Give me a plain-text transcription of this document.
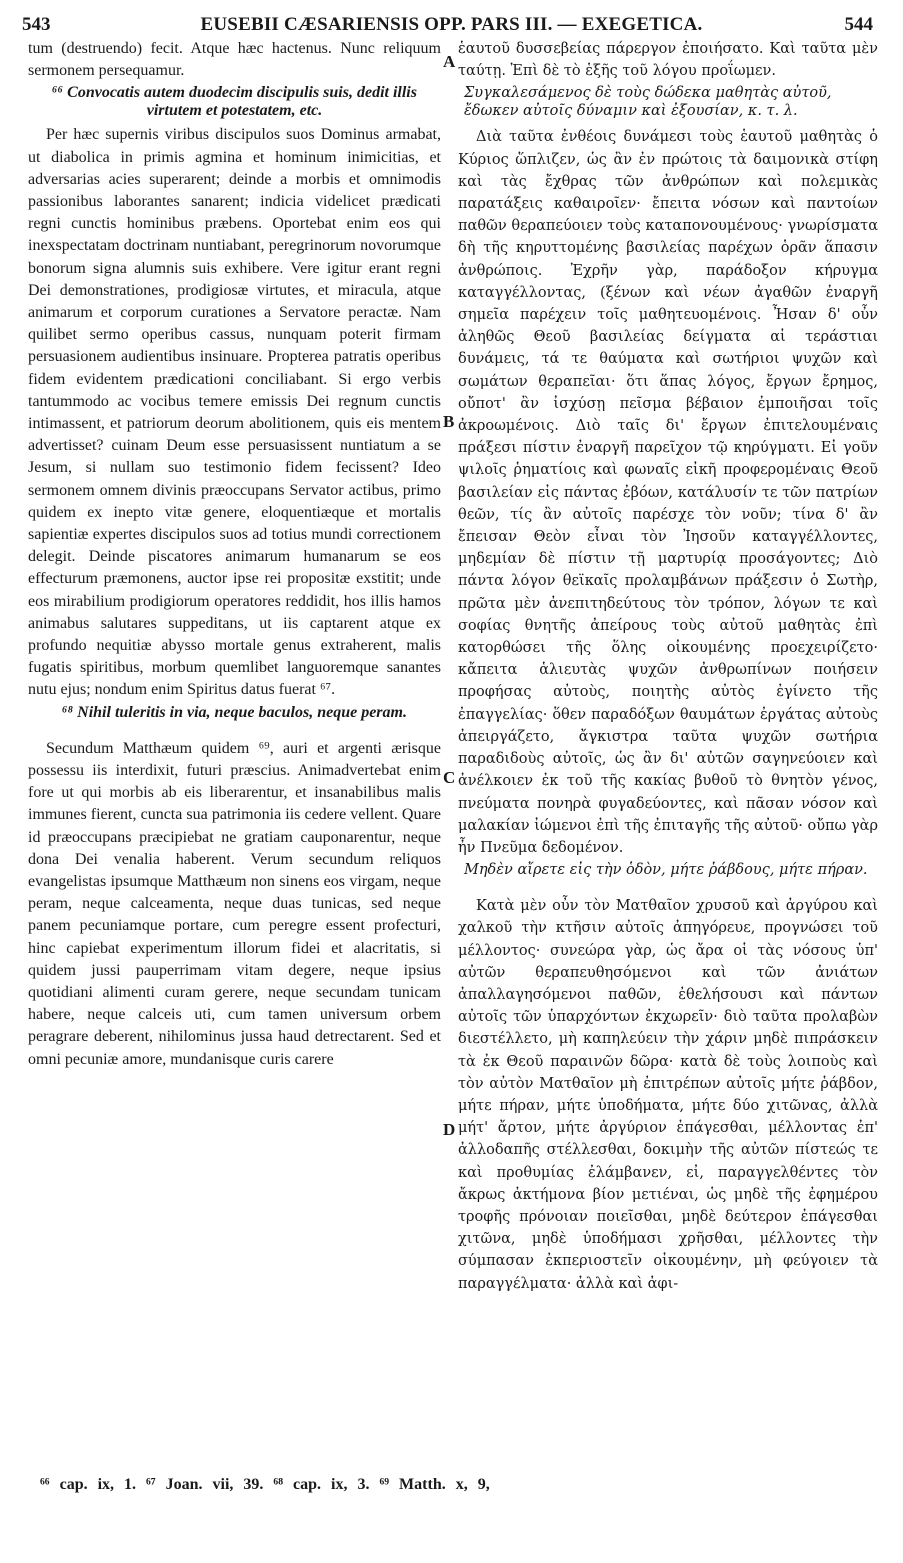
EUSEBII CÆSARIENSIS OPP. PARS III. — EXEGETICA.
543	544

tum (destruendo) fecit. Atque hæc hactenus. Nunc reliquum sermonem persequamur.

⁶⁶ Convocatis autem duodecim discipulis suis, dedit illis virtutem et potestatem, etc.

Per hæc supernis viribus discipulos suos Dominus armabat, ut diabolica in primis agmina et hominum inimicitias, et adversarias acies superarent; deinde a morbis et omnimodis passionibus laborantes sanarent; indicia videlicet prædicati regni cunctis hominibus præbens. Oportebat enim eos qui inexspectatam doctrinam nuntiabant, peregrinorum novorumque bonorum signa alumnis suis exhibere. Vere igitur erant regni Dei demonstrationes, prodigiosæ virtutes, et miracula, atque animarum et corporum curationes a Servatore peractæ. Nam quilibet sermo operibus cassus, nunquam poterit firmam persuasionem audientibus insinuare. Propterea patratis operibus fidem evidentem prædicationi conciliabant. Si ergo verbis tantummodo ac vocibus temere emissis Dei regnum cunctis intimassent, et patriorum deorum abolitionem, quis eis mentem advertisset? cuinam Deum esse persuasissent nuntiatum a se Jesum, si nullam suo testimonio fidem fecissent? Ideo sermonem omnem divinis præoccupans Servator actibus, primo quidem ex inepto vitæ genere, eloquentiæque et mortalis sapientiæ expertes discipulos suos ad totius mundi correctionem delegit. Deinde piscatores animarum humanarum se eos effecturum præmonens, auctor ipse rei propositæ exstitit; unde eos mirabilium prodigiorum operatores reddidit, hos illis hamos animabus salutares suppeditans, ut iis captarent atque ex profundo nequitiæ abysso mortale genus extraherent, malis fugatis spiritibus, morbum quemlibet languoremque sanantes nutu ejus; nondum enim Spiritus datus fuerat ⁶⁷.

⁶⁸ Nihil tuleritis in via, neque baculos, neque peram.

Secundum Matthæum quidem ⁶⁹, auri et argenti ærisque possessu iis interdixit, futuri præscius. Animadvertebat enim fore ut qui morbis ab eis liberarentur, et insanabilibus malis immunes fierent, cuncta sua patrimonia iis cedere vellent. Quare id præoccupans præcipiebat ne gratiam cauponarentur, neque dona Dei venalia haberent. Verum secundum reliquos evangelistas ipsumque Matthæum non sinens eos virgam, neque peram, neque calceamenta, neque duas tunicas, sed neque panem pecuniamque portare, cum peregre essent profecturi, hinc capiebat experimentum illorum fidei et alacritatis, si quidem jussi pauperrimam vitam degere, neque ipsius quotidiani alimenti curam gerere, neque secundam tunicam habere, neque calceis uti, cum tamen universum orbem peragrare deberent, nihilominus jussa haud detrectarent. Sed et omni pecuniæ amore, mundanisque curis carere

A
B
C
D

ἑαυτοῦ δυσσεβείας πάρεργον ἐποιήσατο. Καὶ ταῦτα μὲν ταύτῃ. Ἐπὶ δὲ τὸ ἑξῆς τοῦ λόγου προΐωμεν.

Συγκαλεσάμενος δὲ τοὺς δώδεκα μαθητὰς αὐτοῦ, ἔδωκεν αὐτοῖς δύναμιν καὶ ἐξουσίαν, κ. τ. λ.

Διὰ ταῦτα ἐνθέοις δυνάμεσι τοὺς ἑαυτοῦ μαθητὰς ὁ Κύριος ὥπλιζεν, ὡς ἂν ἐν πρώτοις τὰ δαιμονικὰ στίφη καὶ τὰς ἔχθρας τῶν ἀνθρώπων καὶ πολεμικὰς παρατάξεις καθαιροῖεν· ἔπειτα νόσων καὶ παντοίων παθῶν θεραπεύοιεν τοὺς καταπονουμένους· γνωρίσματα δὴ τῆς κηρυττομένης βασιλείας παρέχων ὁρᾶν ἅπασιν ἀνθρώποις. Ἐχρῆν γὰρ, παράδοξον κήρυγμα καταγγέλλοντας, (ξένων καὶ νέων ἀγαθῶν ἐναργῆ σημεῖα παρέχειν τοῖς μαθητευομένοις. Ἦσαν δ' οὖν ἀληθῶς Θεοῦ βασιλείας δείγματα αἱ τεράστιαι δυνάμεις, τά τε θαύματα καὶ σωτήριοι ψυχῶν καὶ σωμάτων θεραπεῖαι· ὅτι ἅπας λόγος, ἔργων ἔρημος, οὔποτ' ἂν ἰσχύσῃ πεῖσμα βέβαιον ἐμποιῆσαι τοῖς ἀκροωμένοις. Διὸ ταῖς δι' ἔργων ἐπιτελουμέναις πράξεσι πίστιν ἐναργῆ παρεῖχον τῷ κηρύγματι. Εἰ γοῦν ψιλοῖς ῥηματίοις καὶ φωναῖς εἰκῆ προφερομέναις Θεοῦ βασιλείαν εἰς πάντας ἐβόων, κατάλυσίν τε τῶν πατρίων θεῶν, τίς ἂν αὐτοῖς παρέσχε τὸν νοῦν; τίνα δ' ἂν ἔπεισαν Θεὸν εἶναι τὸν Ἰησοῦν καταγγέλλοντες, μηδεμίαν δὲ πίστιν τῇ μαρτυρίᾳ προσάγοντες; Διὸ πάντα λόγον θεϊκαῖς προλαμβάνων πράξεσιν ὁ Σωτὴρ, πρῶτα μὲν ἀνεπιτηδεύτους τὸν τρόπον, λόγων τε καὶ σοφίας θνητῆς ἀπείρους τοὺς αὐτοῦ μαθητὰς ἐπὶ κατορθώσει τῆς ὅλης οἰκουμένης προεχειρίζετο· κἄπειτα ἁλιευτὰς ψυχῶν ἀνθρωπίνων ποιήσειν προφήσας αὐτοὺς, ποιητὴς αὐτὸς ἐγίνετο τῆς ἐπαγγελίας· ὅθεν παραδόξων θαυμάτων ἐργάτας αὐτοὺς ἀπειργάζετο, ἄγκιστρα ταῦτα ψυχῶν σωτήρια παραδιδοὺς αὐτοῖς, ὡς ἂν δι' αὐτῶν σαγηνεύοιεν καὶ ἀνέλκοιεν ἐκ τοῦ τῆς κακίας βυθοῦ τὸ θνητὸν γένος, πνεύματα πονηρὰ φυγαδεύοντες, καὶ πᾶσαν νόσον καὶ μαλακίαν ἰώμενοι ἐπὶ τῆς ἐπιταγῆς τῆς αὐτοῦ· οὔπω γὰρ ἦν Πνεῦμα δεδομένον.

Μηδὲν αἴρετε εἰς τὴν ὁδὸν, μήτε ῥάβδους, μήτε πήραν.

Κατὰ μὲν οὖν τὸν Ματθαῖον χρυσοῦ καὶ ἀργύρου καὶ χαλκοῦ τὴν κτῆσιν αὐτοῖς ἀπηγόρευε, προγνώσει τοῦ μέλλοντος· συνεώρα γὰρ, ὡς ἄρα οἱ τὰς νόσους ὑπ' αὐτῶν θεραπευθησόμενοι καὶ τῶν ἀνιάτων ἀπαλλαγησόμενοι παθῶν, ἐθελήσουσι καὶ πάντων αὐτοῖς τῶν ὑπαρχόντων ἐκχωρεῖν· διὸ ταῦτα προλαβὼν διεστέλλετο, μὴ καπηλεύειν τὴν χάριν μηδὲ πιπράσκειν τὰ ἐκ Θεοῦ παραινῶν δῶρα· κατὰ δὲ τοὺς λοιποὺς καὶ τὸν αὐτὸν Ματθαῖον μὴ ἐπιτρέπων αὐτοῖς μήτε ῥάβδον, μήτε πήραν, μήτε ὑποδήματα, μήτε δύο χιτῶνας, ἀλλὰ μήτ' ἄρτον, μήτε ἀργύριον ἐπάγεσθαι, μέλλοντας ἐπ' ἀλλοδαπῆς στέλλεσθαι, δοκιμὴν τῆς αὐτῶν πίστεώς τε καὶ προθυμίας ἐλάμβανεν, εἰ, παραγγελθέντες τὸν ἄκρως ἀκτήμονα βίον μετιέναι, ὡς μηδὲ τῆς ἐφημέρου τροφῆς πρόνοιαν ποιεῖσθαι, μηδὲ δεύτερον ἐπάγεσθαι χιτῶνα, μηδὲ ὑποδήμασι χρῆσθαι, μέλλοντες τὴν σύμπασαν ἐκπεριοστεῖν οἰκουμένην, μὴ φεύγοιεν τὰ παραγγέλματα· ἀλλὰ καὶ ἀφι-

⁶⁶ cap. ix, 1. ⁶⁷ Joan. vii, 39. ⁶⁸ cap. ix, 3. ⁶⁹ Matth. x, 9,
